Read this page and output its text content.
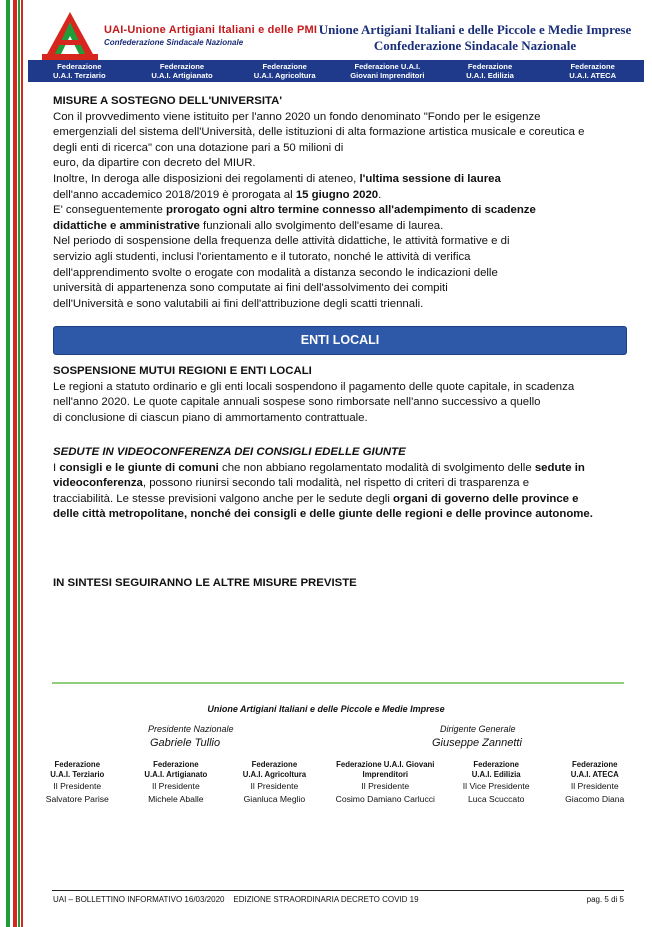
UAI-Unione Artigiani Italiani e delle PMI
Confederazione Sindacale Nazionale
Unione Artigiani Italiani e delle Piccole e Medie Imprese
Confederazione Sindacale Nazionale
Federazione
U.A.I. Terziario
Federazione
U.A.I. Artigianato
Federazione
U.A.I. Agricoltura
Federazione U.A.I.
Giovani Imprenditori
Federazione
U.A.I. Edilizia
Federazione
U.A.I. ATECA
MISURE A SOSTEGNO DELL'UNIVERSITA'
Con il provvedimento viene istituito per l'anno 2020 un fondo denominato "Fondo per le esigenze
emergenziali del sistema dell'Università, delle istituzioni di alta formazione artistica musicale e coreutica e
degli enti di ricerca" con una dotazione pari a 50 milioni di
euro, da dipartire con decreto del MIUR.
Inoltre, In deroga alle disposizioni dei regolamenti di ateneo, l'ultima sessione di laurea
dell'anno accademico 2018/2019 è prorogata al 15 giugno 2020.
E' conseguentemente prorogato ogni altro termine connesso all'adempimento di scadenze
didattiche e amministrative funzionali allo svolgimento dell'esame di laurea.
Nel periodo di sospensione della frequenza delle attività didattiche, le attività formative e di
servizio agli studenti, inclusi l'orientamento e il tutorato, nonché le attività di verifica
dell'apprendimento svolte o erogate con modalità a distanza secondo le indicazioni delle
università di appartenenza sono computate ai fini dell'assolvimento dei compiti
dell'Università e sono valutabili ai fini dell'attribuzione degli scatti triennali.
ENTI LOCALI
SOSPENSIONE MUTUI REGIONI E ENTI LOCALI
Le regioni a statuto ordinario e gli enti locali sospendono il pagamento delle quote capitale, in scadenza
nell'anno 2020. Le quote capitale annuali sospese sono rimborsate nell'anno successivo a quello
di conclusione di ciascun piano di ammortamento contrattuale.
SEDUTE IN VIDEOCONFERENZA DEI CONSIGLI EDELLE GIUNTE
I consigli e le giunte di comuni che non abbiano regolamentato modalità di svolgimento delle sedute in
videoconferenza, possono riunirsi secondo tali modalità, nel rispetto di criteri di trasparenza e
tracciabilità. Le stesse previsioni valgono anche per le sedute degli organi di governo delle province e
delle città metropolitane, nonché dei consigli e delle giunte delle regioni e delle province autonome.
IN SINTESI SEGUIRANNO LE ALTRE MISURE PREVISTE
Unione Artigiani Italiani e delle Piccole e Medie Imprese
Presidente Nazionale
Gabriele Tullio
Dirigente Generale
Giuseppe Zannetti
Federazione
U.A.I. Terziario
Il Presidente
Salvatore Parise
Federazione
U.A.I. Artigianato
Il Presidente
Michele Aballe
Federazione
U.A.I. Agricoltura
Il Presidente
Gianluca Meglio
Federazione U.A.I. Giovani
Imprenditori
Il Presidente
Cosimo Damiano Carlucci
Federazione
U.A.I. Edilizia
Il Vice Presidente
Luca Scuccato
Federazione
U.A.I. ATECA
Il Presidente
Giacomo Diana
UAI – BOLLETTINO INFORMATIVO 16/03/2020 EDIZIONE STRAORDINARIA DECRETO COVID 19	pag. 5 di 5
